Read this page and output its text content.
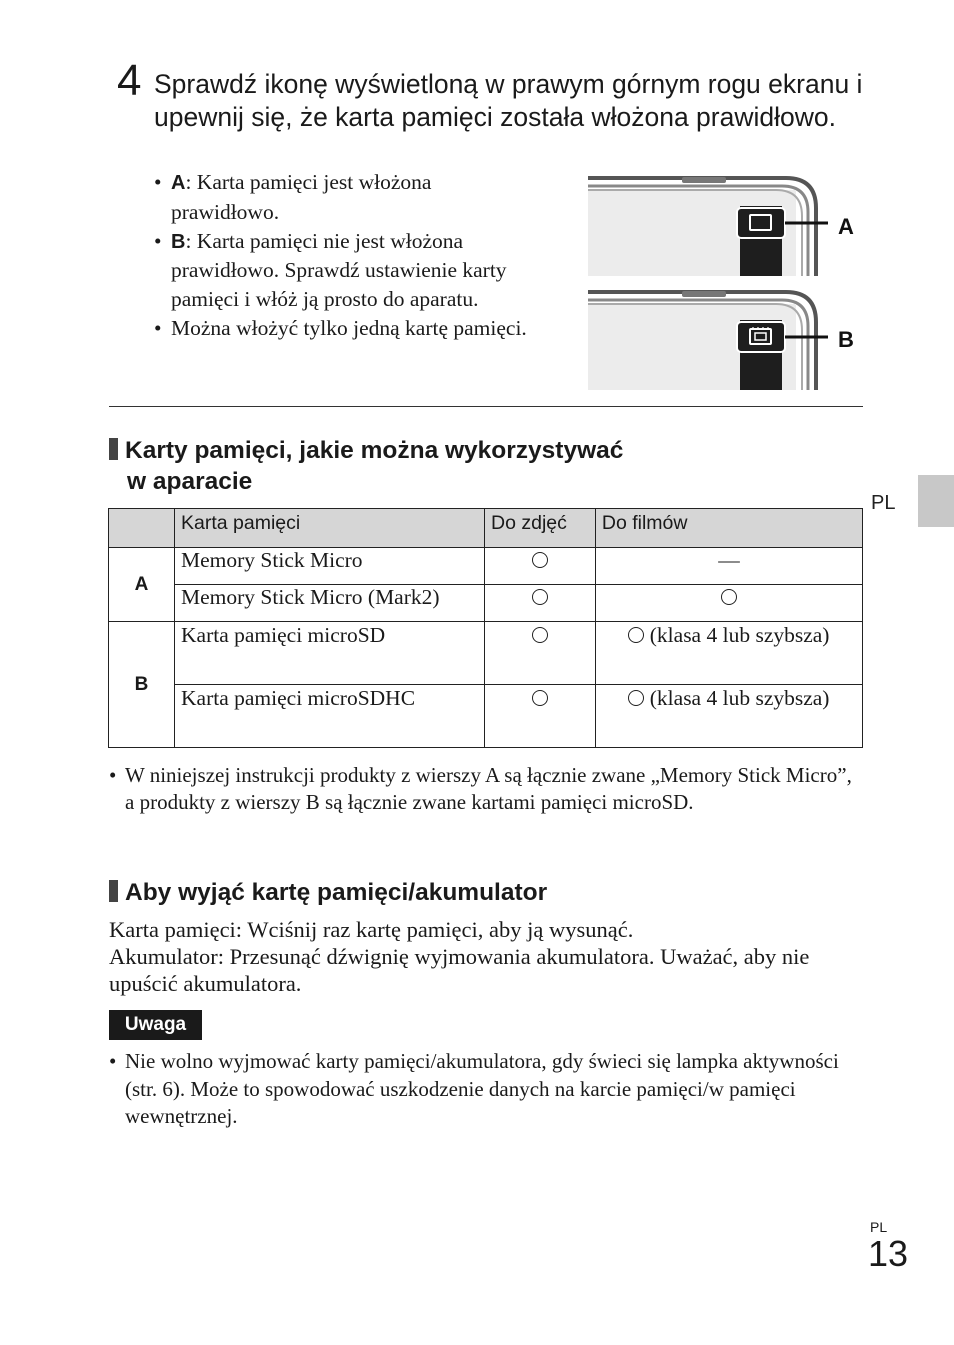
4 Sprawdź ikonę wyświetloną w prawym górnym rogu ekranu i upewnij się, że karta pamięci została włożona prawidłowo.
• A: Karta pamięci jest włożona prawidłowo.
• B: Karta pamięci nie jest włożona prawidłowo. Sprawdź ustawienie karty pamięci i włóż ją prosto do aparatu.
• Można włożyć tylko jedną kartę pamięci.
A
B
Karty pamięci, jakie można wykorzystywać
w aparacie
PL
	Karta pamięci	Do zdjęć	Do filmów
A	Memory Stick Micro		—
	Memory Stick Micro (Mark2)		
B	Karta pamięci microSD		(klasa 4 lub szybsza)
	Karta pamięci microSDHC		(klasa 4 lub szybsza)
• W niniejszej instrukcji produkty z wierszy A są łącznie zwane „Memory Stick Micro”, a produkty z wierszy B są łącznie zwane kartami pamięci microSD.
Aby wyjąć kartę pamięci/akumulator
Karta pamięci: Wciśnij raz kartę pamięci, aby ją wysunąć.
Akumulator: Przesunąć dźwignię wyjmowania akumulatora. Uważać, aby nie upuścić akumulatora.
Uwaga
• Nie wolno wyjmować karty pamięci/akumulatora, gdy świeci się lampka aktywności (str. 6). Może to spowodować uszkodzenie danych na karcie pamięci/w pamięci wewnętrznej.
PL
13
